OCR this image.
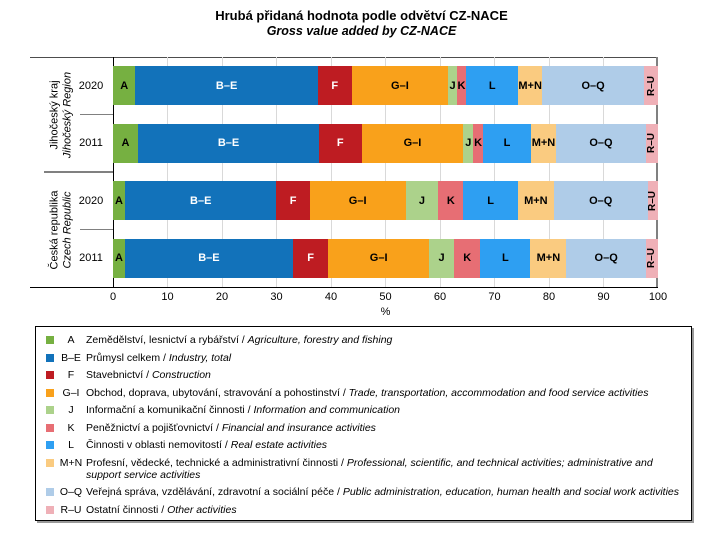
Hrubá přidaná hodnota podle odvětví CZ-NACE
Gross value added by CZ-NACE
A	B–E	F	G–I	J K L M+N	O–Q	R–U
A	B–E	F	G–I	J K L M+N	O–Q	R–U
A	B–E	F	G–I	J K	L	M+N	O–Q	R–U
A	B–E	F	G–I	J K	L	M+N	O–Q	R–U
0	10	20	30	40	50	60	70	80	90	100
%
2020
2011
Jihočeský kraj Jihočeský Region
2020
2011
Česká republika Czech Republic
A	Zemědělství, lesnictví a rybářství / Agriculture, forestry and fishing
B–E Průmysl celkem / Industry, total
F	Stavebnictví / Construction
G–I Obchod, doprava, ubytování, stravování a pohostinství / Trade, transportation, accommodation and food service activities
J	Informační a komunikační činnosti / Information and communication
K	Peněžnictví a pojišťovnictví / Financial and insurance activities
L	Činnosti v oblasti nemovitostí / Real estate activities
M+N Profesní, vědecké, technické a administrativní činnosti / Professional, scientific, and technical activities; administrative and support service activities
O–Q Veřejná správa, vzdělávání, zdravotní a sociální péče / Public administration, education, human health and social work activities
R–U Ostatní činnosti / Other activities
